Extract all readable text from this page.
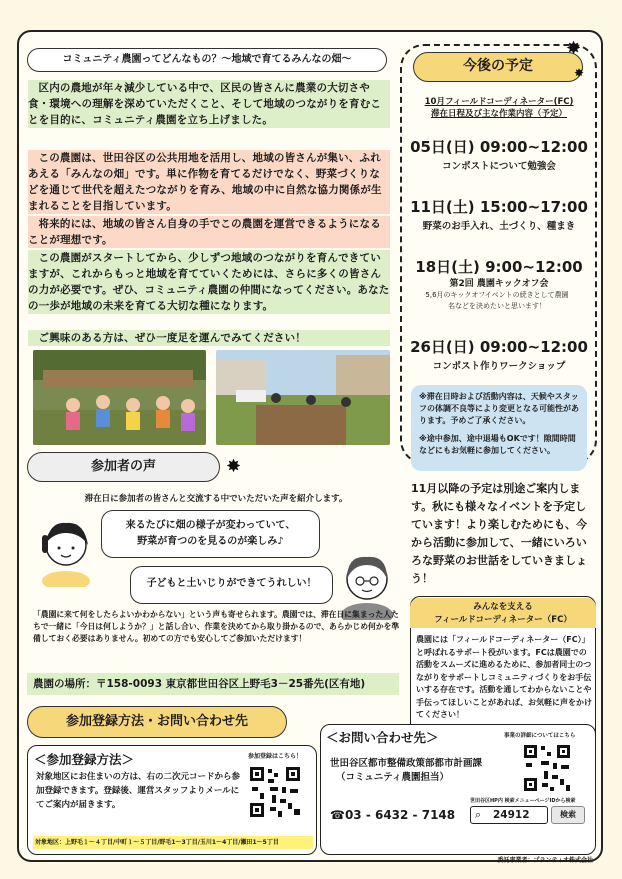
コミュニティ農園ってどんなもの？〜地域で育てるみんなの畑〜
区内の農地が年々減少している中で、区民の皆さんに農業の大切さや食・環境への理解を深めていただくこと、そして地域のつながりを育むことを目的に、コミュニティ農園を立ち上げました。
この農園は、世田谷区の公共用地を活用し、地域の皆さんが集い、ふれあえる「みんなの畑」です。単に作物を育てるだけでなく、野菜づくりなどを通じて世代を超えたつながりを育み、地域の中に自然な協力関係が生まれることを目指しています。
将来的には、地域の皆さん自身の手でこの農園を運営できるようになることが理想です。
この農園がスタートしてから、少しずつ地域のつながりを育んできていますが、これからもっと地域を育てていくためには、さらに多くの皆さんの力が必要です。ぜひ、コミュニティ農園の仲間になってください。あなたの一歩が地域の未来を育てる大切な種になります。
ご興味のある方は、ぜひ一度足を運んでみてください！
今後の予定
✸
✸
10月フィールドコーディネーター(FC)
滞在日程及び主な作業内容（予定）
05日(日) 09:00~12:00
コンポストについて勉強会
11日(土) 15:00~17:00
野菜のお手入れ、土づくり、種まき
18日(土) 9:00~12:00
第2回 農園キックオフ会
5,6月のキックオフイベントの続きとして農園名などを決めたいと思います！
26日(日) 09:00~12:00
コンポスト作りワークショップ
※滞在日時および活動内容は、天候やスタッフの体調不良等により変更となる可能性があります。予めご了承ください。
※途中参加、途中退場もOKです！隙間時間などにもお気軽に参加してください。
11月以降の予定は別途ご案内します。秋にも様々なイベントを予定しています！より楽しむためにも、今から活動に参加して、一緒にいろいろな野菜のお世話をしていきましょう！
参加者の声	✸
滞在日に参加者の皆さんと交流する中でいただいた声を紹介します。
来るたびに畑の様子が変わっていて、
野菜が育つのを見るのが楽しみ♪
子どもと土いじりができてうれしい！
「農園に来て何をしたらよいかわからない」という声も寄せられます。農園では、滞在日に集まった人たちで一緒に「今日は何しようか？」と話し合い、作業を決めてから取り掛かるので、あらかじめ何かを準備しておく必要はありません。初めての方でも安心してご参加いただけます！
農園の場所：〒158-0093 東京都世田谷区上野毛3－25番先(区有地)
みんなを支える
フィールドコーディネーター（FC）
農園には「フィールドコーディネーター（FC）」と呼ばれるサポート役がいます。FCは農園での活動をスムーズに進めるために、参加者同士のつながりをサポートしコミュニティづくりをお手伝いする存在です。活動を通してわからないことや手伝ってほしいことがあれば、お気軽に声をかけてください！
参加登録方法・お問い合わせ先
＜参加登録方法＞	参加登録はこちら！
対象地区にお住まいの方は、右の二次元コードから参加登録できます。登録後、運営スタッフよりメールにてご案内が届きます。
対象地区：上野毛１〜４丁目/中町１〜５丁目/野毛1〜3丁目/玉川1〜4丁目/瀬田1〜5丁目
＜お問い合わせ先＞	事業の詳細についてはこちら
世田谷区都市整備政策部都市計画課
（コミュニティ農園担当）
☎03 - 6432 - 7148
世田谷区HP内 検索メニューページIDから検索
⌕ 24912	検索
委託事業者：プランティオ株式会社
